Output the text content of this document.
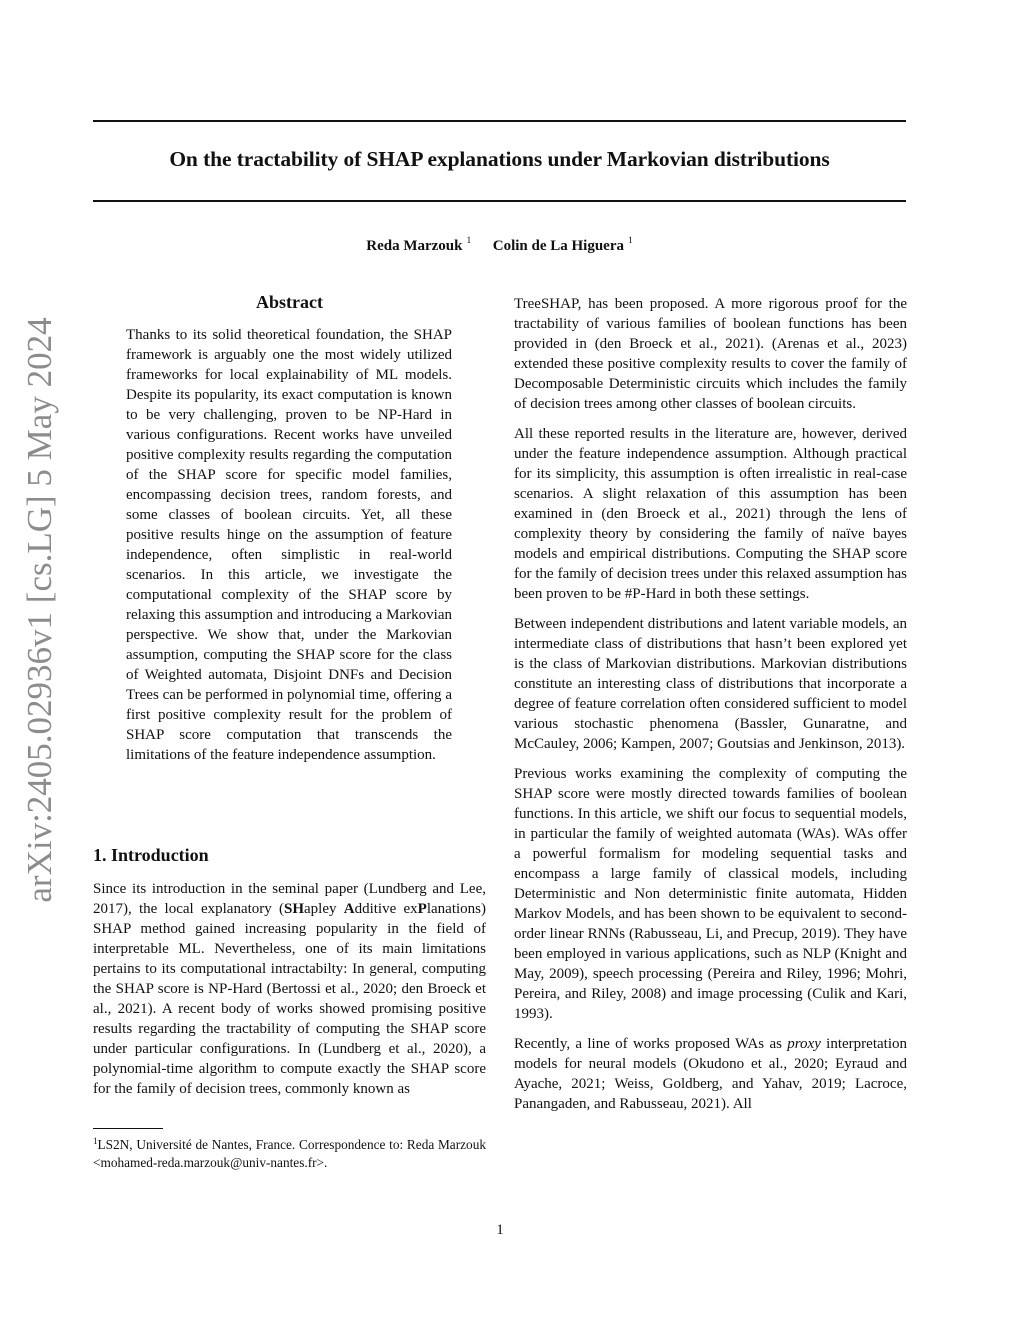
arXiv:2405.02936v1 [cs.LG] 5 May 2024
On the tractability of SHAP explanations under Markovian distributions
Reda Marzouk $^1$ Colin de La Higuera $^1$
Abstract
Thanks to its solid theoretical foundation, the SHAP framework is arguably one the most widely utilized frameworks for local explainability of ML models. Despite its popularity, its exact computation is known to be very challenging, proven to be NP-Hard in various configurations. Recent works have unveiled positive complexity results regarding the computation of the SHAP score for specific model families, encompassing decision trees, random forests, and some classes of boolean circuits. Yet, all these positive results hinge on the assumption of feature independence, often simplistic in real-world scenarios. In this article, we investigate the computational complexity of the SHAP score by relaxing this assumption and introducing a Markovian perspective. We show that, under the Markovian assumption, computing the SHAP score for the class of Weighted automata, Disjoint DNFs and Decision Trees can be performed in polynomial time, offering a first positive complexity result for the problem of SHAP score computation that transcends the limitations of the feature independence assumption.
1. Introduction
Since its introduction in the seminal paper (Lundberg and Lee, 2017), the local explanatory (SHapley Additive exPlanations) SHAP method gained increasing popularity in the field of interpretable ML. Nevertheless, one of its main limitations pertains to its computational intractabilty: In general, computing the SHAP score is NP-Hard (Bertossi et al., 2020; den Broeck et al., 2021). A recent body of works showed promising positive results regarding the tractability of computing the SHAP score under particular configurations. In (Lundberg et al., 2020), a polynomial-time algorithm to compute exactly the SHAP score for the family of decision trees, commonly known as
$^1$LS2N, Université de Nantes, France. Correspondence to: Reda Marzouk <mohamed-reda.marzouk@univ-nantes.fr>.

TreeSHAP, has been proposed. A more rigorous proof for the tractability of various families of boolean functions has been provided in (den Broeck et al., 2021). (Arenas et al., 2023) extended these positive complexity results to cover the family of Decomposable Deterministic circuits which includes the family of decision trees among other classes of boolean circuits.

All these reported results in the literature are, however, derived under the feature independence assumption. Although practical for its simplicity, this assumption is often irrealistic in real-case scenarios. A slight relaxation of this assumption has been examined in (den Broeck et al., 2021) through the lens of complexity theory by considering the family of naïve bayes models and empirical distributions. Computing the SHAP score for the family of decision trees under this relaxed assumption has been proven to be #P-Hard in both these settings.

Between independent distributions and latent variable models, an intermediate class of distributions that hasn’t been explored yet is the class of Markovian distributions. Markovian distributions constitute an interesting class of distributions that incorporate a degree of feature correlation often considered sufficient to model various stochastic phenomena (Bassler, Gunaratne, and McCauley, 2006; Kampen, 2007; Goutsias and Jenkinson, 2013).

Previous works examining the complexity of computing the SHAP score were mostly directed towards families of boolean functions. In this article, we shift our focus to sequential models, in particular the family of weighted automata (WAs). WAs offer a powerful formalism for modeling sequential tasks and encompass a large family of classical models, including Deterministic and Non deterministic finite automata, Hidden Markov Models, and has been shown to be equivalent to second-order linear RNNs (Rabusseau, Li, and Precup, 2019). They have been employed in various applications, such as NLP (Knight and May, 2009), speech processing (Pereira and Riley, 1996; Mohri, Pereira, and Riley, 2008) and image processing (Culik and Kari, 1993).

Recently, a line of works proposed WAs as proxy interpretation models for neural models (Okudono et al., 2020; Eyraud and Ayache, 2021; Weiss, Goldberg, and Yahav, 2019; Lacroce, Panangaden, and Rabusseau, 2021). All

1
